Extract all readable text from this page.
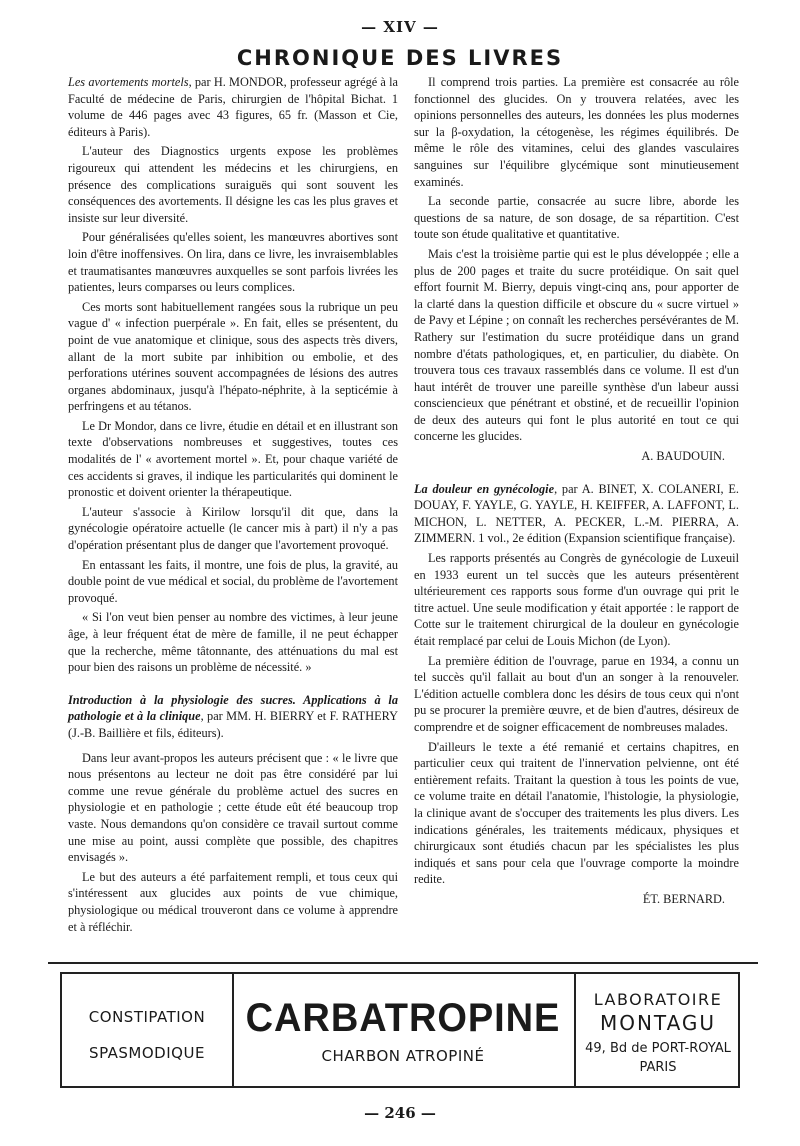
— XIV —
CHRONIQUE DES LIVRES

Les avortements mortels, par H. MONDOR, professeur agrégé à la Faculté de médecine de Paris, chirurgien de l'hôpital Bichat. 1 volume de 446 pages avec 43 figures, 65 fr. (Masson et Cie, éditeurs à Paris).

L'auteur des Diagnostics urgents expose les problèmes rigoureux qui attendent les médecins et les chirurgiens, en présence des complications suraiguës qui sont souvent les conséquences des avortements. Il désigne les cas les plus graves et insiste sur leur diversité.

Pour généralisées qu'elles soient, les manœuvres abortives sont loin d'être inoffensives. On lira, dans ce livre, les invraisemblables et traumatisantes manœuvres auxquelles se sont parfois livrées les patientes, leurs comparses ou leurs complices.

Ces morts sont habituellement rangées sous la rubrique un peu vague d' « infection puerpérale ». En fait, elles se présentent, du point de vue anatomique et clinique, sous des aspects très divers, allant de la mort subite par inhibition ou embolie, et des perforations utérines souvent accompagnées de lésions des autres organes abdominaux, jusqu'à l'hépato-néphrite, à la septicémie à perfringens et au tétanos.

Le Dr Mondor, dans ce livre, étudie en détail et en illustrant son texte d'observations nombreuses et suggestives, toutes ces modalités de l' « avortement mortel ». Et, pour chaque variété de ces accidents si graves, il indique les particularités qui dominent le pronostic et doivent orienter la thérapeutique.

L'auteur s'associe à Kirilow lorsqu'il dit que, dans la gynécologie opératoire actuelle (le cancer mis à part) il n'y a pas d'opération présentant plus de danger que l'avortement provoqué.

En entassant les faits, il montre, une fois de plus, la gravité, au double point de vue médical et social, du problème de l'avortement provoqué.

« Si l'on veut bien penser au nombre des victimes, à leur jeune âge, à leur fréquent état de mère de famille, il ne peut échapper que la recherche, même tâtonnante, des atténuations du mal est pour bien des raisons un problème de nécessité. »

Introduction à la physiologie des sucres. Applications à la pathologie et à la clinique, par MM. H. BIERRY et F. RATHERY (J.-B. Baillière et fils, éditeurs).

Dans leur avant-propos les auteurs précisent que : « le livre que nous présentons au lecteur ne doit pas être considéré par lui comme une revue générale du problème actuel des sucres en physiologie et en pathologie ; cette étude eût été beaucoup trop vaste. Nous demandons qu'on considère ce travail surtout comme une mise au point, aussi complète que possible, des chapitres envisagés ».

Le but des auteurs a été parfaitement rempli, et tous ceux qui s'intéressent aux glucides aux points de vue chimique, physiologique ou médical trouveront dans ce volume à apprendre et à réfléchir.

Il comprend trois parties. La première est consacrée au rôle fonctionnel des glucides. On y trouvera relatées, avec les opinions personnelles des auteurs, les données les plus modernes sur la β-oxydation, la cétogenèse, les régimes équilibrés. De même le rôle des vitamines, celui des glandes vasculaires sanguines sur l'équilibre glycémique sont minutieusement examinés.

La seconde partie, consacrée au sucre libre, aborde les questions de sa nature, de son dosage, de sa répartition. C'est toute son étude qualitative et quantitative.

Mais c'est la troisième partie qui est le plus développée ; elle a plus de 200 pages et traite du sucre protéidique. On sait quel effort fournit M. Bierry, depuis vingt-cinq ans, pour apporter de la clarté dans la question difficile et obscure du « sucre virtuel » de Pavy et Lépine ; on connaît les recherches persévérantes de M. Rathery sur l'estimation du sucre protéidique dans un grand nombre d'états pathologiques, et, en particulier, du diabète. On trouvera tous ces travaux rassemblés dans ce volume. Il est d'un haut intérêt de trouver une pareille synthèse d'un labeur aussi consciencieux que pénétrant et obstiné, et de recueillir l'opinion de deux des auteurs qui font le plus autorité en tout ce qui concerne les glucides.

A. BAUDOUIN.

La douleur en gynécologie, par A. BINET, X. COLANERI, E. DOUAY, F. YAYLE, G. YAYLE, H. KEIFFER, A. LAFFONT, L. MICHON, L. NETTER, A. PECKER, L.-M. PIERRA, A. ZIMMERN. 1 vol., 2e édition (Expansion scientifique française).

Les rapports présentés au Congrès de gynécologie de Luxeuil en 1933 eurent un tel succès que les auteurs présentèrent ultérieurement ces rapports sous forme d'un ouvrage qui prit le titre actuel. Une seule modification y était apportée : le rapport de Cotte sur le traitement chirurgical de la douleur en gynécologie était remplacé par celui de Louis Michon (de Lyon).

La première édition de l'ouvrage, parue en 1934, a connu un tel succès qu'il fallait au bout d'un an songer à la renouveler. L'édition actuelle comblera donc les désirs de tous ceux qui n'ont pu se procurer la première œuvre, et de bien d'autres, désireux de comprendre et de soigner efficacement de nombreuses malades.

D'ailleurs le texte a été remanié et certains chapitres, en particulier ceux qui traitent de l'innervation pelvienne, ont été entièrement refaits. Traitant la question à tous les points de vue, ce volume traite en détail l'anatomie, l'histologie, la physiologie, la clinique avant de s'occuper des traitements les plus divers. Les indications générales, les traitements médicaux, physiques et chirurgicaux sont étudiés chacun par les spécialistes les plus indiqués et sans pour cela que l'ouvrage comporte la moindre redite.

ÉT. BERNARD.

CONSTIPATION
SPASMODIQUE
CARBATROPINE
CHARBON ATROPINÉ
LABORATOIRE
MONTAGU
49, Bd de PORT-ROYAL
PARIS
— 246 —
